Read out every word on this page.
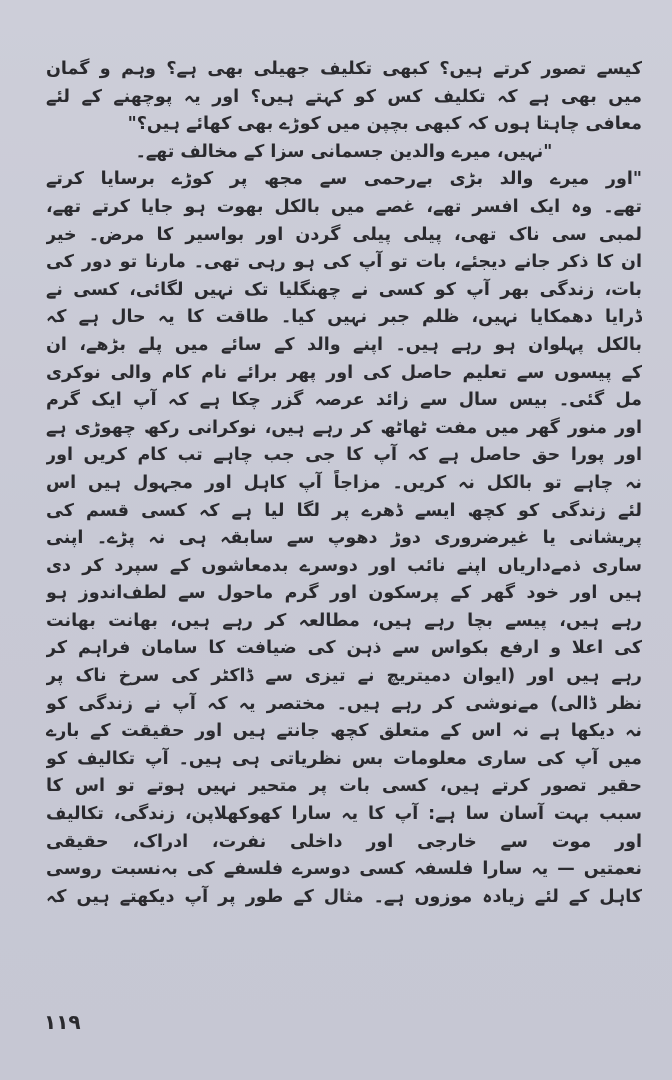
کیسے تصور کرتے ہیں؟ کبھی تکلیف جھیلی بھی ہے؟ وہم و گمان
میں بھی ہے کہ تکلیف کس کو کہتے ہیں؟ اور یہ پوچھنے کے لئے
معافی چاہتا ہوں کہ کبھی بچپن میں کوڑے بھی کھائے ہیں؟"
"نہیں، میرے والدین جسمانی سزا کے مخالف تھے۔
"اور میرے والد بڑی بےرحمی سے مجھ پر کوڑے برسایا کرتے
تھے۔ وہ ایک افسر تھے، غصے میں بالکل بھوت ہو جایا کرتے تھے،
لمبی سی ناک تھی، پیلی پیلی گردن اور بواسیر کا مرض۔ خیر
ان کا ذکر جانے دیجئے، بات تو آپ کی ہو رہی تھی۔ مارنا تو دور کی
بات، زندگی بھر آپ کو کسی نے چھنگلیا تک نہیں لگائی، کسی نے
ڈرایا دھمکایا نہیں، ظلم جبر نہیں کیا۔ طاقت کا یہ حال ہے کہ
بالکل پہلوان ہو رہے ہیں۔ اپنے والد کے سائے میں پلے بڑھے، ان
کے پیسوں سے تعلیم حاصل کی اور پھر برائے نام کام والی نوکری
مل گئی۔ بیس سال سے زائد عرصہ گزر چکا ہے کہ آپ ایک گرم
اور منور گھر میں مفت ٹھاٹھ کر رہے ہیں، نوکرانی رکھ چھوڑی ہے
اور پورا حق حاصل ہے کہ آپ کا جی جب چاہے تب کام کریں اور
نہ چاہے تو بالکل نہ کریں۔ مزاجاً آپ کاہل اور مجہول ہیں اس
لئے زندگی کو کچھ ایسے ڈھرے پر لگا لیا ہے کہ کسی قسم کی
پریشانی یا غیرضروری دوڑ دھوپ سے سابقہ ہی نہ پڑے۔ اپنی
ساری ذمےداریاں اپنے نائب اور دوسرے بدمعاشوں کے سپرد کر دی
ہیں اور خود گھر کے پرسکون اور گرم ماحول سے لطف‌اندوز ہو
رہے ہیں، پیسے بچا رہے ہیں، مطالعہ کر رہے ہیں، بھانت بھانت
کی اعلا و ارفع بکواس سے ذہن کی ضیافت کا سامان فراہم کر
رہے ہیں اور (ایوان دمیتریچ نے تیزی سے ڈاکٹر کی سرخ ناک پر
نظر ڈالی) مےنوشی کر رہے ہیں۔ مختصر یہ کہ آپ نے زندگی کو
نہ دیکھا ہے نہ اس کے متعلق کچھ جانتے ہیں اور حقیقت کے بارے
میں آپ کی ساری معلومات بس نظریاتی ہی ہیں۔ آپ تکالیف کو
حقیر تصور کرتے ہیں، کسی بات پر متحیر نہیں ہوتے تو اس کا
سبب بہت آسان سا ہے: آپ کا یہ سارا کھوکھلاپن، زندگی، تکالیف
اور موت سے خارجی اور داخلی نفرت، ادراک، حقیقی
نعمتیں — یہ سارا فلسفہ کسی دوسرے فلسفے کی بہ‌نسبت روسی
کاہل کے لئے زیادہ موزوں ہے۔ مثال کے طور پر آپ دیکھتے ہیں کہ
۱۱۹
